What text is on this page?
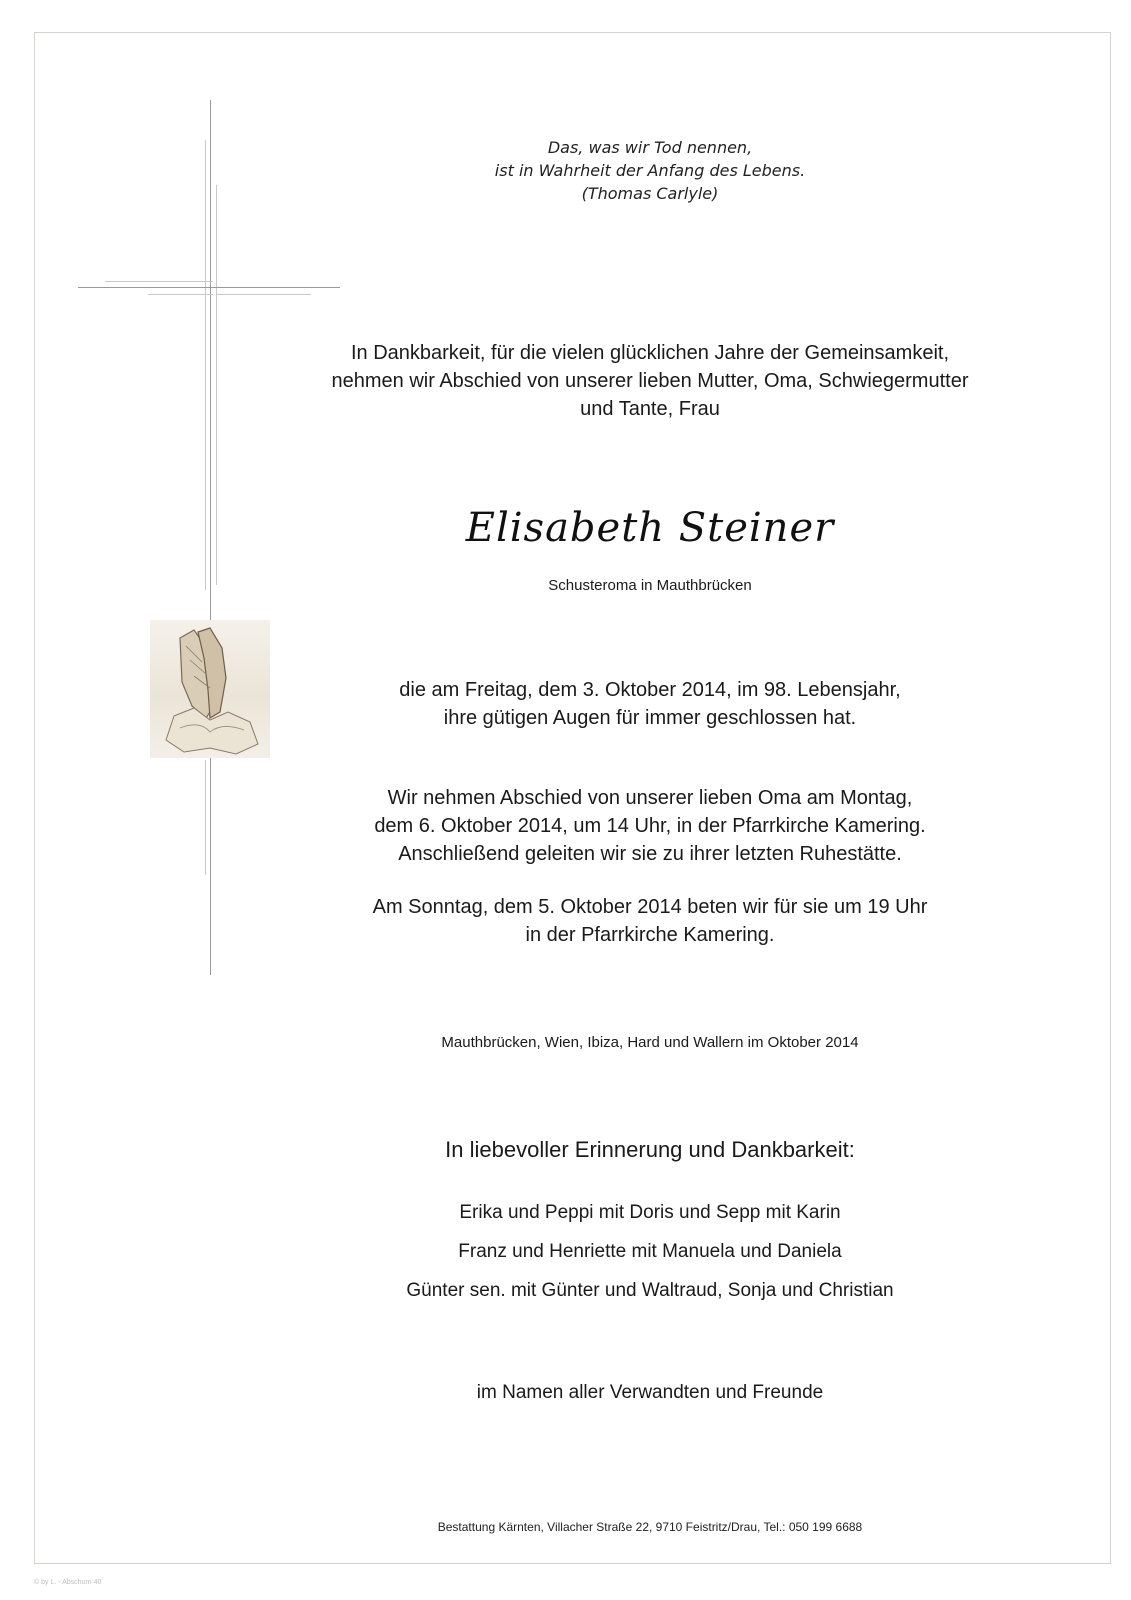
Das, was wir Tod nennen,
ist in Wahrheit der Anfang des Lebens.
(Thomas Carlyle)
In Dankbarkeit, für die vielen glücklichen Jahre der Gemeinsamkeit,
nehmen wir Abschied von unserer lieben Mutter, Oma, Schwiegermutter
und Tante, Frau
Elisabeth Steiner
Schusteroma in Mauthbrücken
die am Freitag, dem 3. Oktober 2014, im 98. Lebensjahr,
ihre gütigen Augen für immer geschlossen hat.
Wir nehmen Abschied von unserer lieben Oma am Montag,
dem 6. Oktober 2014, um 14 Uhr, in der Pfarrkirche Kamering.
Anschließend geleiten wir sie zu ihrer letzten Ruhestätte.
Am Sonntag, dem 5. Oktober 2014 beten wir für sie um 19 Uhr
in der Pfarrkirche Kamering.
Mauthbrücken, Wien, Ibiza, Hard und Wallern im Oktober 2014
In liebevoller Erinnerung und Dankbarkeit:
Erika und Peppi mit Doris und Sepp mit Karin
Franz und Henriette mit Manuela und Daniela
Günter sen. mit Günter und Waltraud, Sonja und Christian
im Namen aller Verwandten und Freunde
Bestattung Kärnten, Villacher Straße 22, 9710 Feistritz/Drau, Tel.: 050 199 6688
© by L. - Abschurn 40
